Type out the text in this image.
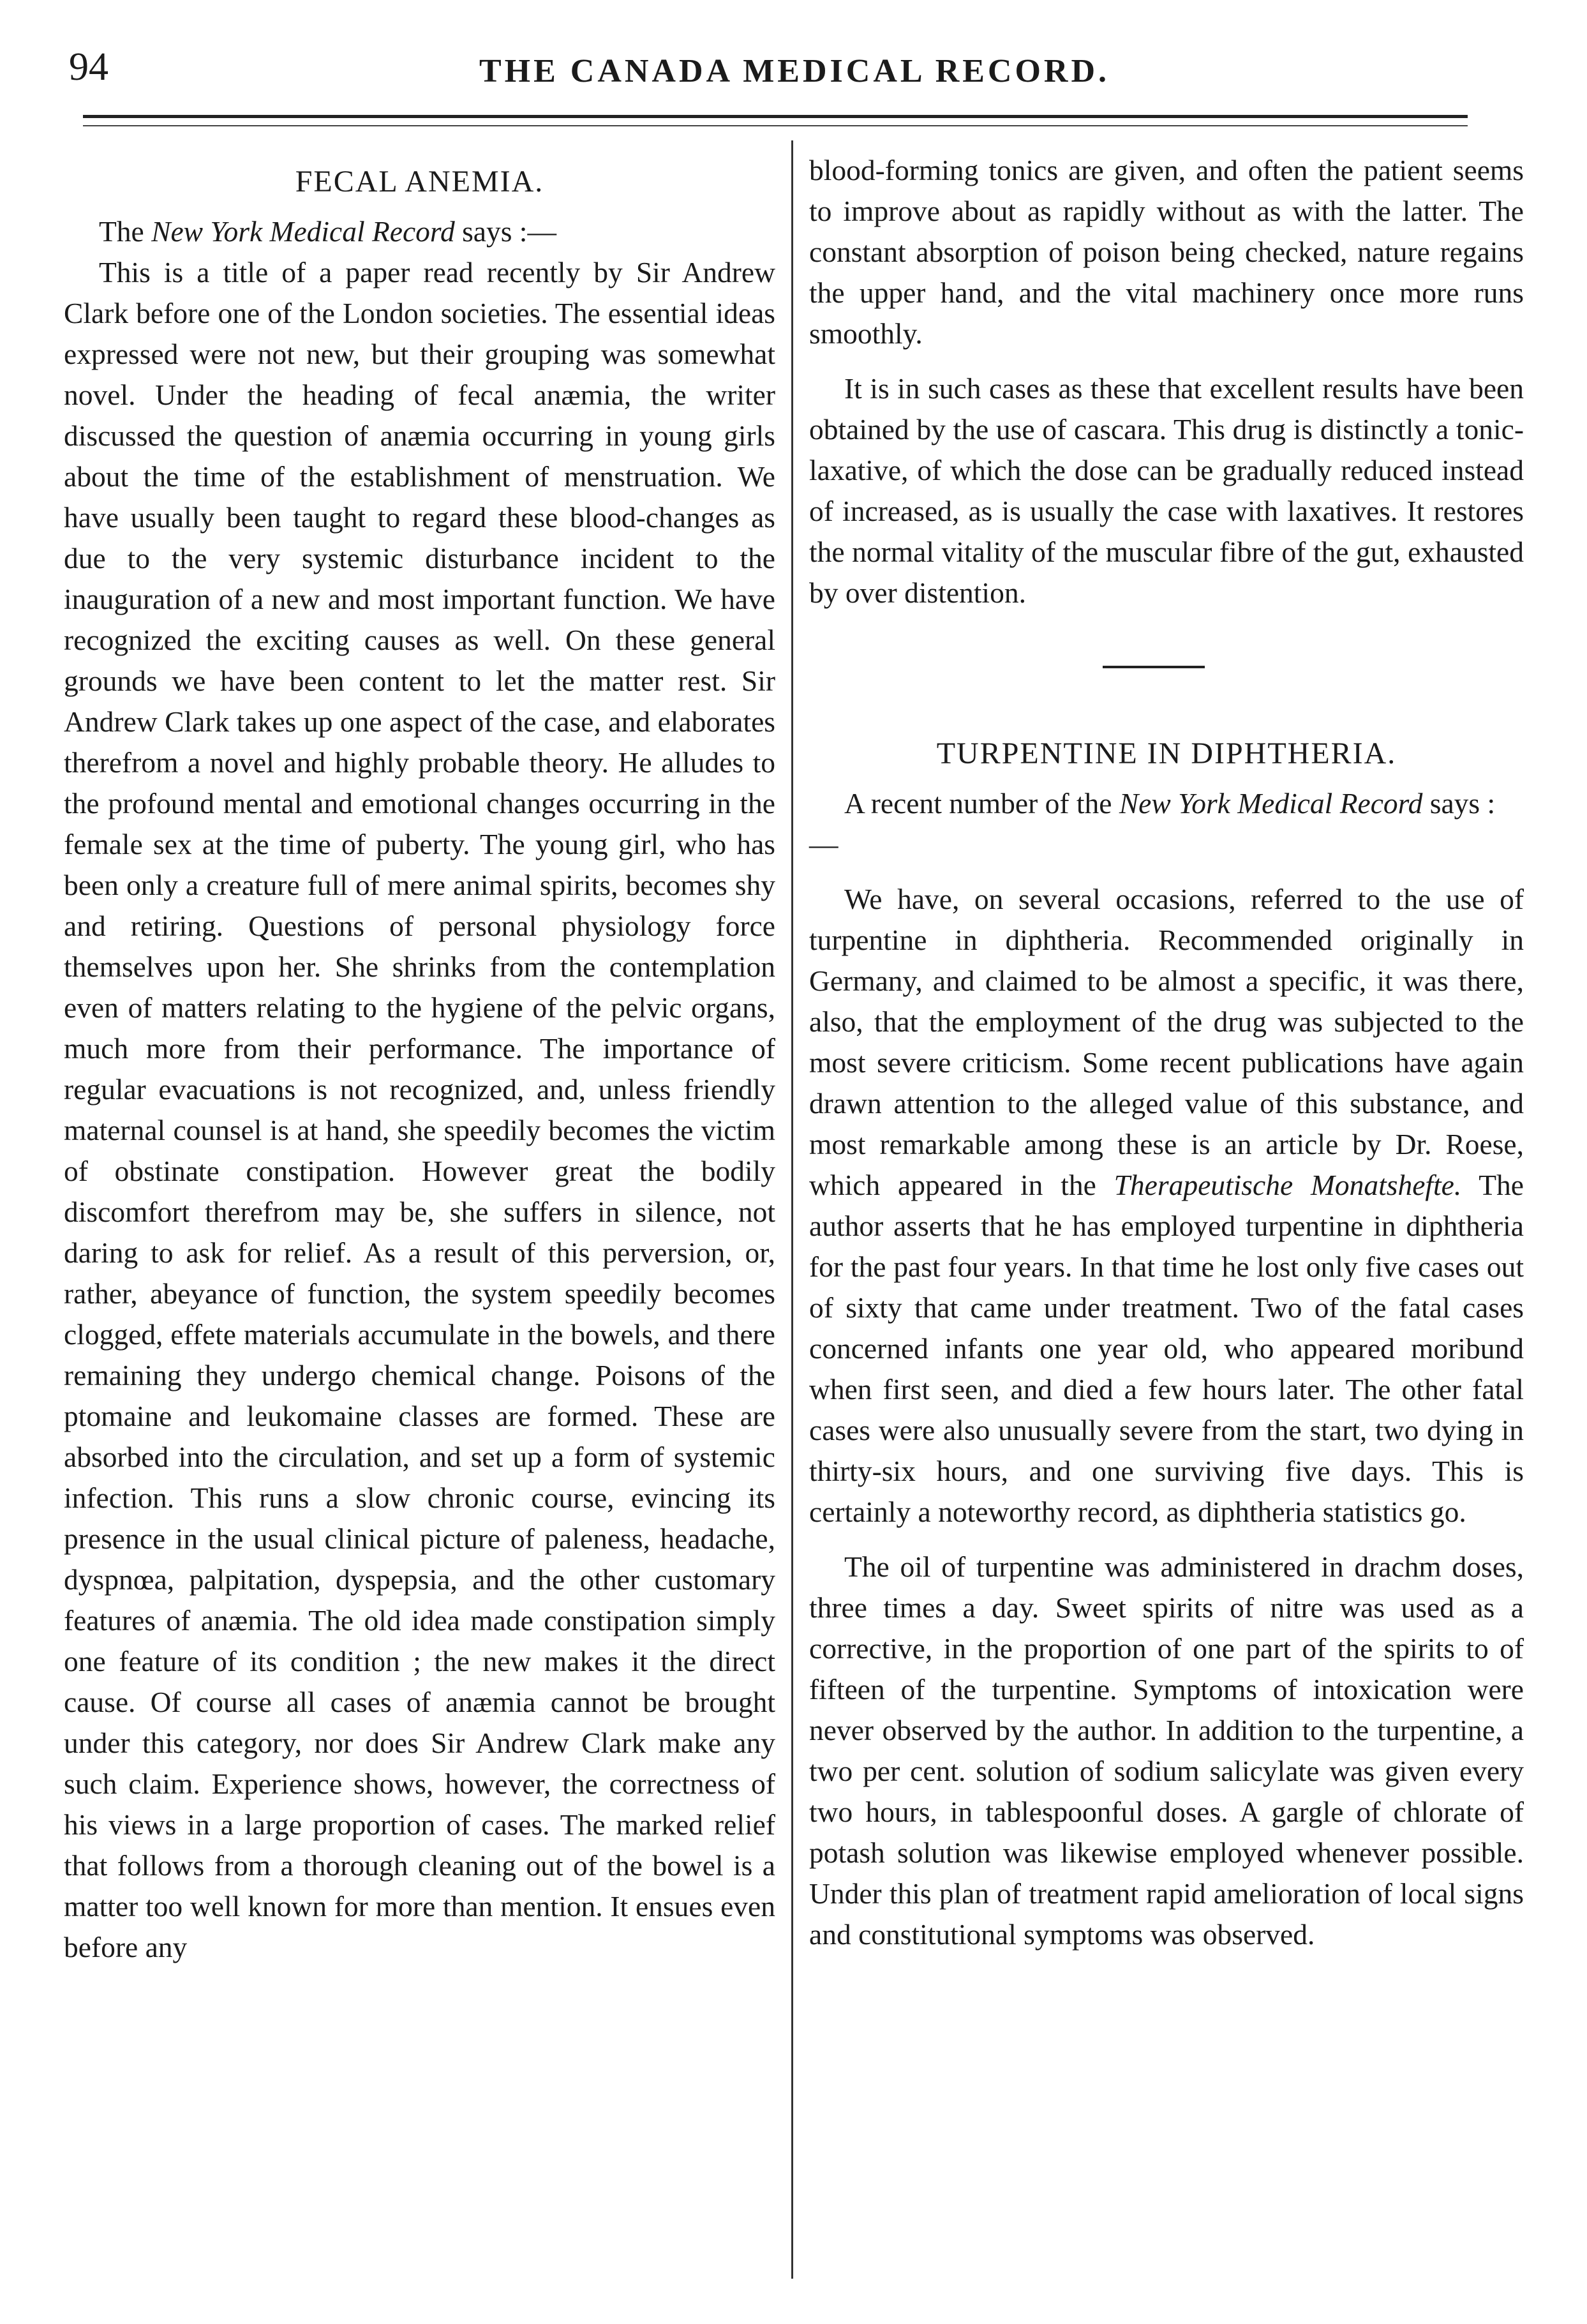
94	THE CANADA MEDICAL RECORD.
FECAL ANEMIA.

The New York Medical Record says :—

This is a title of a paper read recently by Sir Andrew Clark before one of the London societies. The essential ideas expressed were not new, but their grouping was somewhat novel. Under the heading of fecal anæmia, the writer discussed the question of anæmia occurring in young girls about the time of the establishment of menstruation. We have usually been taught to regard these blood-changes as due to the very systemic disturbance incident to the inauguration of a new and most important function. We have recognized the exciting causes as well. On these general grounds we have been content to let the matter rest. Sir Andrew Clark takes up one aspect of the case, and elaborates therefrom a novel and highly probable theory. He alludes to the profound mental and emotional changes occurring in the female sex at the time of puberty. The young girl, who has been only a creature full of mere animal spirits, becomes shy and retiring. Questions of personal physiology force themselves upon her. She shrinks from the contemplation even of matters relating to the hygiene of the pelvic organs, much more from their performance. The importance of regular evacuations is not recognized, and, unless friendly maternal counsel is at hand, she speedily becomes the victim of obstinate constipation. However great the bodily discomfort therefrom may be, she suffers in silence, not daring to ask for relief. As a result of this perversion, or, rather, abeyance of function, the system speedily becomes clogged, effete materials accumulate in the bowels, and there remaining they undergo chemical change. Poisons of the ptomaine and leukomaine classes are formed. These are absorbed into the circulation, and set up a form of systemic infection. This runs a slow chronic course, evincing its presence in the usual clinical picture of paleness, headache, dyspnœa, palpitation, dyspepsia, and the other customary features of anæmia. The old idea made constipation simply one feature of its condition ; the new makes it the direct cause. Of course all cases of anæmia cannot be brought under this category, nor does Sir Andrew Clark make any such claim. Experience shows, however, the correctness of his views in a large proportion of cases. The marked relief that follows from a thorough cleaning out of the bowel is a matter too well known for more than mention. It ensues even before any

blood-forming tonics are given, and often the patient seems to improve about as rapidly without as with the latter. The constant absorption of poison being checked, nature regains the upper hand, and the vital machinery once more runs smoothly.

It is in such cases as these that excellent results have been obtained by the use of cascara. This drug is distinctly a tonic-laxative, of which the dose can be gradually reduced instead of increased, as is usually the case with laxatives. It restores the normal vitality of the muscular fibre of the gut, exhausted by over distention.

TURPENTINE IN DIPHTHERIA.

A recent number of the New York Medical Record says :—

We have, on several occasions, referred to the use of turpentine in diphtheria. Recommended originally in Germany, and claimed to be almost a specific, it was there, also, that the employment of the drug was subjected to the most severe criticism. Some recent publications have again drawn attention to the alleged value of this substance, and most remarkable among these is an article by Dr. Roese, which appeared in the Therapeutische Monatshefte. The author asserts that he has employed turpentine in diphtheria for the past four years. In that time he lost only five cases out of sixty that came under treatment. Two of the fatal cases concerned infants one year old, who appeared moribund when first seen, and died a few hours later. The other fatal cases were also unusually severe from the start, two dying in thirty-six hours, and one surviving five days. This is certainly a noteworthy record, as diphtheria statistics go.

The oil of turpentine was administered in drachm doses, three times a day. Sweet spirits of nitre was used as a corrective, in the proportion of one part of the spirits to of fifteen of the turpentine. Symptoms of intoxication were never observed by the author. In addition to the turpentine, a two per cent. solution of sodium salicylate was given every two hours, in tablespoonful doses. A gargle of chlorate of potash solution was likewise employed whenever possible. Under this plan of treatment rapid amelioration of local signs and constitutional symptoms was observed.
